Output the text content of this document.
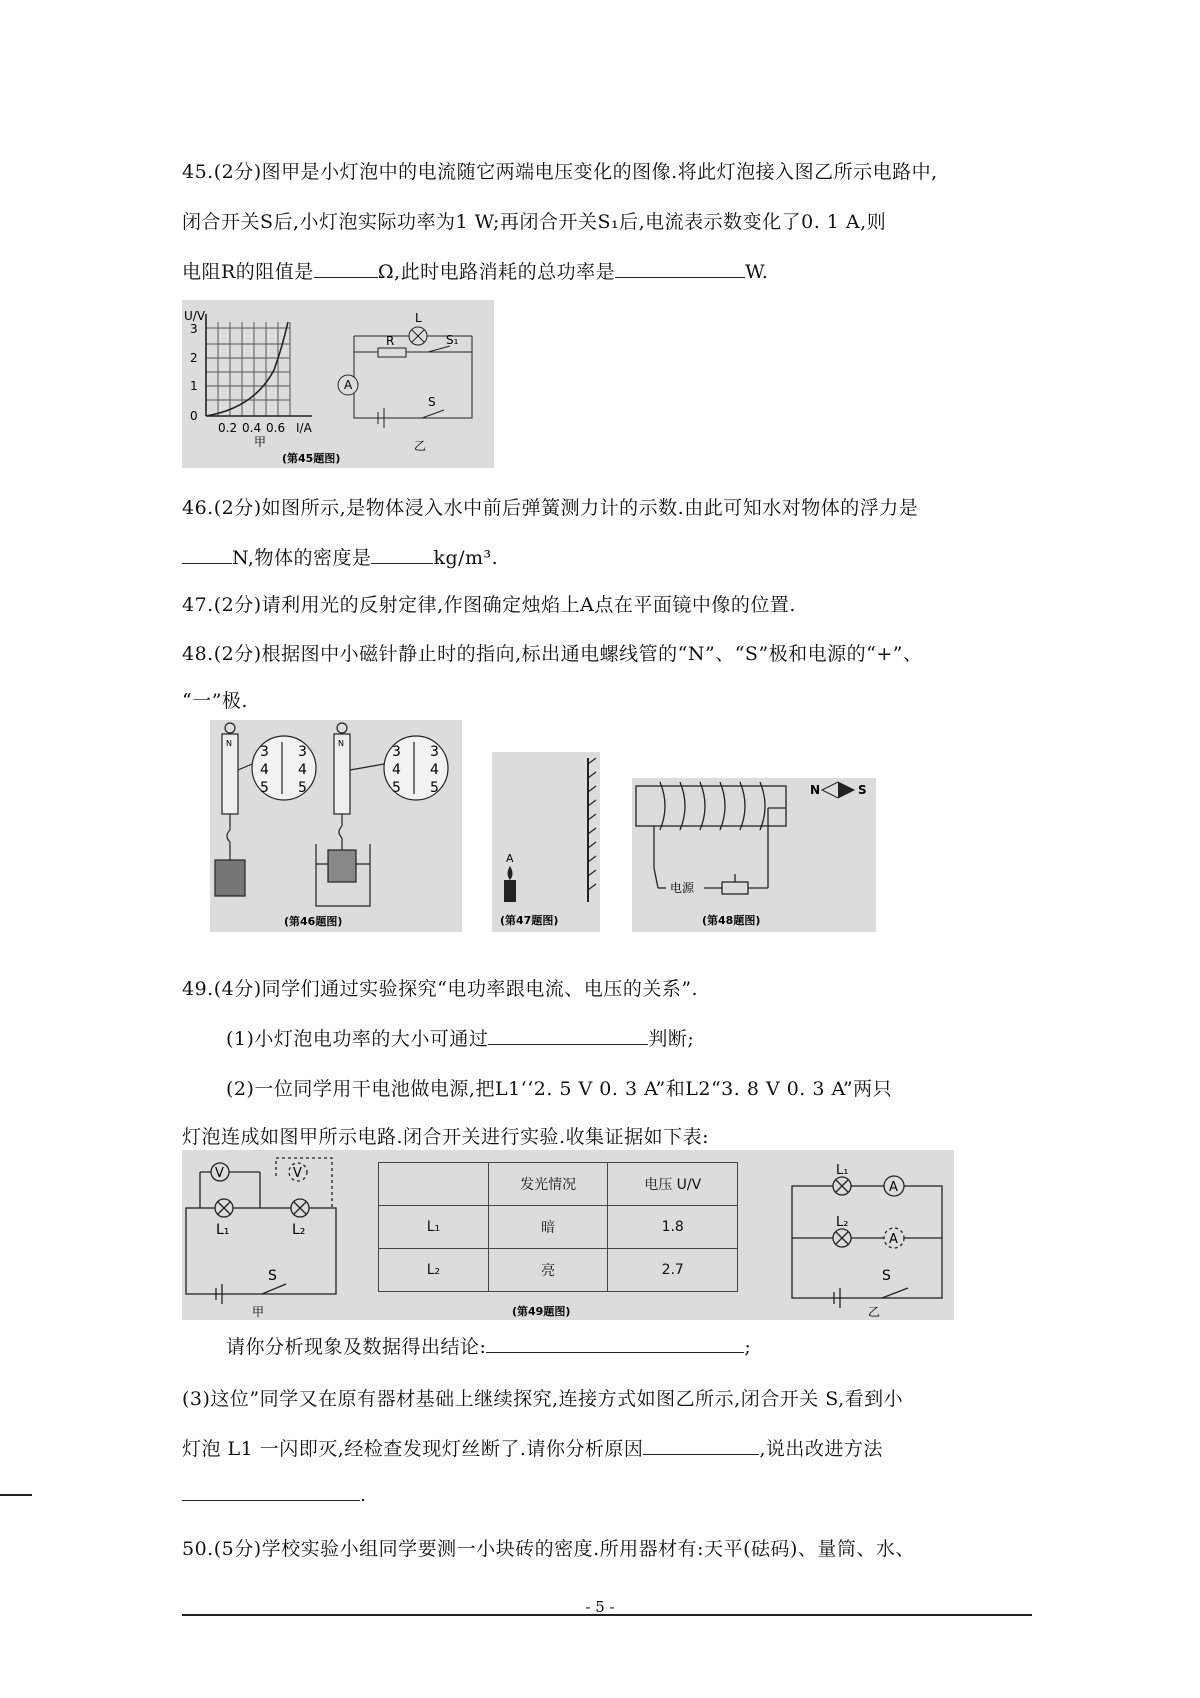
45.(2分)图甲是小灯泡中的电流随它两端电压变化的图像.将此灯泡接入图乙所示电路中,
闭合开关S后,小灯泡实际功率为1 W;再闭合开关S₁后,电流表示数变化了0. 1 A,则
电阻R的阻值是	Ω,此时电路消耗的总功率是	W.
U/V
3
2
1
0
0.2 0.4 0.6 I/A
甲	乙
L
R	S₁
A
S
(第45题图)
46.(2分)如图所示,是物体浸入水中前后弹簧测力计的示数.由此可知水对物体的浮力是
N,物体的密度是	kg/m³.
47.(2分)请利用光的反射定律,作图确定烛焰上A点在平面镜中像的位置.
48.(2分)根据图中小磁针静止时的指向,标出通电螺线管的“N”、“S”极和电源的“+”、
“一”极.
N	N
3
4
5
3
4
5
3
4
5
3
4
5
(第46题图)
A
(第47题图)
N	S
电源
(第48题图)
49.(4分)同学们通过实验探究“电功率跟电流、电压的关系”.
(1)小灯泡电功率的大小可通过	判断;
(2)一位同学用干电池做电源,把L1‘‘2. 5 V 0. 3 A”和L2“3. 8 V 0. 3 A”两只
灯泡连成如图甲所示电路.闭合开关进行实验.收集证据如下表:
V	V
L₁	L₂
S
甲
L₁
A
L₂
A
S
乙
(第49题图)
	发光情况	电压 U/V
L₁	暗	1.8
L₂	亮	2.7
请你分析现象及数据得出结论:	;
(3)这位”同学又在原有器材基础上继续探究,连接方式如图乙所示,闭合开关 S,看到小
灯泡 L1 一闪即灭,经检查发现灯丝断了.请你分析原因	,说出改进方法
.
50.(5分)学校实验小组同学要测一小块砖的密度.所用器材有:天平(砝码)、量筒、水、
- 5 -
